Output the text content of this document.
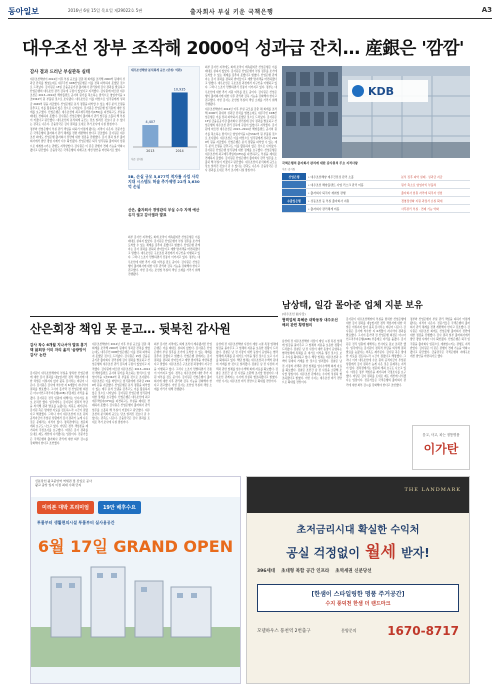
동아일보	2016년 6월 15일 목요일 제29022호 5판	출자회사 부실 키운 국책은행	A3
대우조선 장부 조작해 2000억 성과급 잔치… 産銀은 '깜깜'
감사 결과 드러난 부실관독 실태

대우조선해양이 2014년 이후 부실 규모를 감춘 채 회계를 조작해 2000억 원대의 성과급 잔치를 벌였는데도 대주주인 KDB산업은행은 이를 전혀 파악하지 못했던 것으로 드러났다. 감사원은 15일 금융공공기관 출자회사 관리실태 감사 결과를 발표하고 산업은행의 대우조선 관리 감독에 구멍이 있었다고 지적했다. 감사원에 따르면 대우조선은 2013∼2014년 해양플랜트 공사의 원가를 축소하는 방식으로 영업이익을 1조5342억 원 부풀린 것으로 조사됐다. 대우조선은 이를 바탕으로 임직원에게 성과급 2049억 원을 지급했다. 산업은행은 분식 정황을 파악할 수 있는 재무 분석 모델을 갖추고도 이를 활용하지 않은 것으로 나타났다. 감사원은 산업은행 임직원에 대한 징계를 요구했다. 산업은행은 대우조선에 최고재무책임자(CFO)를 파견하고도 부실을 제대로 견제하지 못했다. 감사원은 산업은행이 출자회사 관리 업무를 소홀히 해 부실이 커졌다고 판단했다. 대우조선의 분식회계 규모는 당초 알려진 것보다 클 수 있다는 관측도 나온다. 금융당국은 감사 결과를 토대로 추가 조사에 나설 방침이다.

정부와 산업은행이 부실 관리 책임을 피하기 어렵게 됐다는 지적이 나온다. 전문가들은 국책은행의 출자회사 관리 체계를 전면 개편해야 한다고 강조했다. 감사원은 대우조선 외에도 산업은행 출자회사 전반에 대한 점검을 진행했다. 감사 결과 일부 출자회사에서 방만 경영 사례가 다수 확인됐다. 산업은행은 퇴직 임직원을 출자회사 임원으로 재취업시키는 관행도 지적받았다. 감사원은 이 같은 관행이 견제 기능을 약화시켰다고 판단했다. 금융당국은 국책은행의 지배구조 개선 방안을 마련하기로 했다.

대우조선해양 분식회계 규모 (단위: 억원)
4,407
2013
10,935
2014
자료: 감사원
5B, 손실 규모 5,877억 적자를 사업 사각지대 시스템도 허술 추가제명 22개 3,630억 손실
산은, 출자회사 경영관리 부실 수주 자제 예산 유지 권고 감사결과 발표
외부 감사인 지적에도 회계 조작이 계속됐지만 산업은행은 이를 제대로 살피지 않았다. 감사원은 산업은행이 부실 징후를 조기에 포착할 수 있는 체계를 갖추지 못했다고 밝혔다. 산업은행 관계자는 감사 결과를 겸허히 받아들이고 재발 방지책을 마련하겠다고 말했다. 대우조선은 구조조정 과정에서 자구안을 이행하고 있다. 그러나 노조가 반발하면서 진통이 이어지고 있다. 정부는 대우조선에 대한 추가 지원 여부를 검토 중이다. 감사원은 산업은행이 출자회사에 대한 사후 관리와 감독 기능을 강화해야 한다고 권고했다. 이번 감사는 조선업 부실의 책임 소재를 가리기 위해 진행됐다.

외부 감사인 지적에도 회계 조작이 계속됐지만 산업은행은 이를 제대로 살피지 않았다. 감사원은 산업은행이 부실 징후를 조기에 포착할 수 있는 체계를 갖추지 못했다고 밝혔다. 산업은행 관계자는 감사 결과를 겸허히 받아들이고 재발 방지책을 마련하겠다고 말했다. 대우조선은 구조조정 과정에서 자구안을 이행하고 있다. 그러나 노조가 반발하면서 진통이 이어지고 있다. 정부는 대우조선에 대한 추가 지원 여부를 검토 중이다. 감사원은 산업은행이 출자회사에 대한 사후 관리와 감독 기능을 강화해야 한다고 권고했다. 이번 감사는 조선업 부실의 책임 소재를 가리기 위해 진행됐다.

대우조선해양이 2014년 이후 부실 규모를 감춘 채 회계를 조작해 2000억 원대의 성과급 잔치를 벌였는데도 대주주인 KDB산업은행은 이를 전혀 파악하지 못했던 것으로 드러났다. 감사원은 15일 금융공공기관 출자회사 관리실태 감사 결과를 발표하고 산업은행의 대우조선 관리 감독에 구멍이 있었다고 지적했다. 감사원에 따르면 대우조선은 2013∼2014년 해양플랜트 공사의 원가를 축소하는 방식으로 영업이익을 1조5342억 원 부풀린 것으로 조사됐다. 대우조선은 이를 바탕으로 임직원에게 성과급 2049억 원을 지급했다. 산업은행은 분식 정황을 파악할 수 있는 재무 분석 모델을 갖추고도 이를 활용하지 않은 것으로 나타났다. 감사원은 산업은행 임직원에 대한 징계를 요구했다. 산업은행은 대우조선에 최고재무책임자(CFO)를 파견하고도 부실을 제대로 견제하지 못했다. 감사원은 산업은행이 출자회사 관리 업무를 소홀히 해 부실이 커졌다고 판단했다. 대우조선의 분식회계 규모는 당초 알려진 것보다 클 수 있다는 관측도 나온다. 금융당국은 감사 결과를 토대로 추가 조사에 나설 방침이다.

KDB
국책은행의 출자회사 관리에 대한 감사원의 주요 지적사항
자료: 감사원
산업은행	• 대우조선해양 재무건전성 관리 소홀	분식 징후 파악 실패 · 성과급 지급
	• 대우조선 해양플랜트 사업 리스크 관리 미흡	원가 축소로 영업이익 부풀려
	• 출자회사 퇴직자 재취업 관행	출자회사 임원 자리에 퇴직자 선임
수출입은행	• 성동조선 등 부실 출자회사 지원	경영정상화 지원 과정서 손실 확대
	• 출자회사 관리체계 미흡	사후관리 부실 · 견제 기능 약화
남상태, 일감 몰아준 업체 지분 보유
(대우조선 前사장)
협력업체 특혜준 대학동창 대주조선 해외 관련 횡령혐의
남상태 전 대우조선해양 사장이 재임 시절 특정 업체에 일감을 몰아주고 그 업체의 지분을 보유한 정황이 드러났다. 검찰은 남 전 사장이 대학 동창이 운영하는 협력업체에 특혜를 준 대가로 이익을 챙긴 것으로 보고 수사를 확대하고 있다. 해당 업체는 대우조선과 수백억 원대의 거래를 한 것으로 알려졌다. 검찰은 남 전 사장의 자택과 관련 업체를 압수수색해 회계 자료를 확보했다. 검찰은 조만간 남 전 사장을 소환해 조사할 방침이다. 대우조선 관계자는 수사에 성실히 협조하겠다고 밝혔다. 이번 수사는 대우조선 비리 전반으로 확대될 전망이다.
감사원이 대우조선해양의 부실을 방치한 산업은행에 대한 감사 결과를 내놓았지만 정작 책임자에 대한 처벌은 이뤄지지 않아 뒷북 감사라는 비판이 나온다. 감사원은 감사에 착수한 지 6개월이 지나서야 결과를 발표했다. 그사이 홍기택 전 산업은행 회장은 아시아인프라투자은행(AIIB) 부총재로 자리를 옮겼다. 감사원은 전직 임원에 대해서는 인사자료 통보 조치만 했다. 일각에서는 감사원이 정치적 부담을 의식해 결과 발표를 늦췄다는 의혹도 제기된다. 감사원 측은 방대한 자료를 검토하느라 시간이 걸렸다고 해명했다. 그러나 이미 대우조선에 수조 원의 공적자금이 투입된 상황에서 감사 결과가 늦게 나온 것은 문제라는 지적이 많다. 정치권에서는 청문회 개최 요구도 나오고 있다. 야당은 정부 책임론을 제기하며 국정조사를 요구했다. 여당은 감사 결과를 토대로 제도 개선에 나서겠다는 입장이다. 전문가들은 국책은행의 출자회사 관리에 대한 외부 감시를 강화해야 한다고 조언했다.
정부와 산업은행이 부실 관리 책임을 피하기 어렵게 됐다는 지적이 나온다. 전문가들은 국책은행의 출자회사 관리 체계를 전면 개편해야 한다고 강조했다. 감사원은 대우조선 외에도 산업은행 출자회사 전반에 대한 점검을 진행했다. 감사 결과 일부 출자회사에서 방만 경영 사례가 다수 확인됐다. 산업은행은 퇴직 임직원을 출자회사 임원으로 재취업시키는 관행도 지적받았다. 감사원은 이 같은 관행이 견제 기능을 약화시켰다고 판단했다. 금융당국은 국책은행의 지배구조 개선 방안을 마련하기로 했다.
산은회장 책임 못 묻고… 뒷북친 감사원
감사 착수 6개월 지나서야 발표 홍기택 前회장 이미 자리 옮겨 '솜방망이 감사' 논란
감사원이 대우조선해양의 부실을 방치한 산업은행에 대한 감사 결과를 내놓았지만 정작 책임자에 대한 처벌은 이뤄지지 않아 뒷북 감사라는 비판이 나온다. 감사원은 감사에 착수한 지 6개월이 지나서야 결과를 발표했다. 그사이 홍기택 전 산업은행 회장은 아시아인프라투자은행(AIIB) 부총재로 자리를 옮겼다. 감사원은 전직 임원에 대해서는 인사자료 통보 조치만 했다. 일각에서는 감사원이 정치적 부담을 의식해 결과 발표를 늦췄다는 의혹도 제기된다. 감사원 측은 방대한 자료를 검토하느라 시간이 걸렸다고 해명했다. 그러나 이미 대우조선에 수조 원의 공적자금이 투입된 상황에서 감사 결과가 늦게 나온 것은 문제라는 지적이 많다. 정치권에서는 청문회 개최 요구도 나오고 있다. 야당은 정부 책임론을 제기하며 국정조사를 요구했다. 여당은 감사 결과를 토대로 제도 개선에 나서겠다는 입장이다. 전문가들은 국책은행의 출자회사 관리에 대한 외부 감시를 강화해야 한다고 조언했다.
대우조선해양이 2014년 이후 부실 규모를 감춘 채 회계를 조작해 2000억 원대의 성과급 잔치를 벌였는데도 대주주인 KDB산업은행은 이를 전혀 파악하지 못했던 것으로 드러났다. 감사원은 15일 금융공공기관 출자회사 관리실태 감사 결과를 발표하고 산업은행의 대우조선 관리 감독에 구멍이 있었다고 지적했다. 감사원에 따르면 대우조선은 2013∼2014년 해양플랜트 공사의 원가를 축소하는 방식으로 영업이익을 1조5342억 원 부풀린 것으로 조사됐다. 대우조선은 이를 바탕으로 임직원에게 성과급 2049억 원을 지급했다. 산업은행은 분식 정황을 파악할 수 있는 재무 분석 모델을 갖추고도 이를 활용하지 않은 것으로 나타났다. 감사원은 산업은행 임직원에 대한 징계를 요구했다. 산업은행은 대우조선에 최고재무책임자(CFO)를 파견하고도 부실을 제대로 견제하지 못했다. 감사원은 산업은행이 출자회사 관리 업무를 소홀히 해 부실이 커졌다고 판단했다. 대우조선의 분식회계 규모는 당초 알려진 것보다 클 수 있다는 관측도 나온다. 금융당국은 감사 결과를 토대로 추가 조사에 나설 방침이다.
외부 감사인 지적에도 회계 조작이 계속됐지만 산업은행은 이를 제대로 살피지 않았다. 감사원은 산업은행이 부실 징후를 조기에 포착할 수 있는 체계를 갖추지 못했다고 밝혔다. 산업은행 관계자는 감사 결과를 겸허히 받아들이고 재발 방지책을 마련하겠다고 말했다. 대우조선은 구조조정 과정에서 자구안을 이행하고 있다. 그러나 노조가 반발하면서 진통이 이어지고 있다. 정부는 대우조선에 대한 추가 지원 여부를 검토 중이다. 감사원은 산업은행이 출자회사에 대한 사후 관리와 감독 기능을 강화해야 한다고 권고했다. 이번 감사는 조선업 부실의 책임 소재를 가리기 위해 진행됐다.
남상태 전 대우조선해양 사장이 재임 시절 특정 업체에 일감을 몰아주고 그 업체의 지분을 보유한 정황이 드러났다. 검찰은 남 전 사장이 대학 동창이 운영하는 협력업체에 특혜를 준 대가로 이익을 챙긴 것으로 보고 수사를 확대하고 있다. 해당 업체는 대우조선과 수백억 원대의 거래를 한 것으로 알려졌다. 검찰은 남 전 사장의 자택과 관련 업체를 압수수색해 회계 자료를 확보했다. 검찰은 조만간 남 전 사장을 소환해 조사할 방침이다. 대우조선 관계자는 수사에 성실히 협조하겠다고 밝혔다. 이번 수사는 대우조선 비리 전반으로 확대될 전망이다.
묻고, 사고, 파는 정통명품
이가탄
신분당선 광교중앙역 역세권 및 진입로 공사
광교 중앙 입지 이점 최대 수혜 단지
미리본 대박 프리미엄	19만 배후수요
투룸부터 생활편의시설 투룸부터 실사용공간
6월 17일 GRAND OPEN
THE LANDMARK
초저금리시대 확실한 수익처
공실 걱정없이 월세 받자!
396세대 초대형 복합 공간 인프라 초역세권 신분당선
[한샘이 스타일링한 명품 주거공간]
수지 풍덕천 한샘 더 랜드마크
모델하우스 풍천역 2번출구	분양문의	1670-8717
